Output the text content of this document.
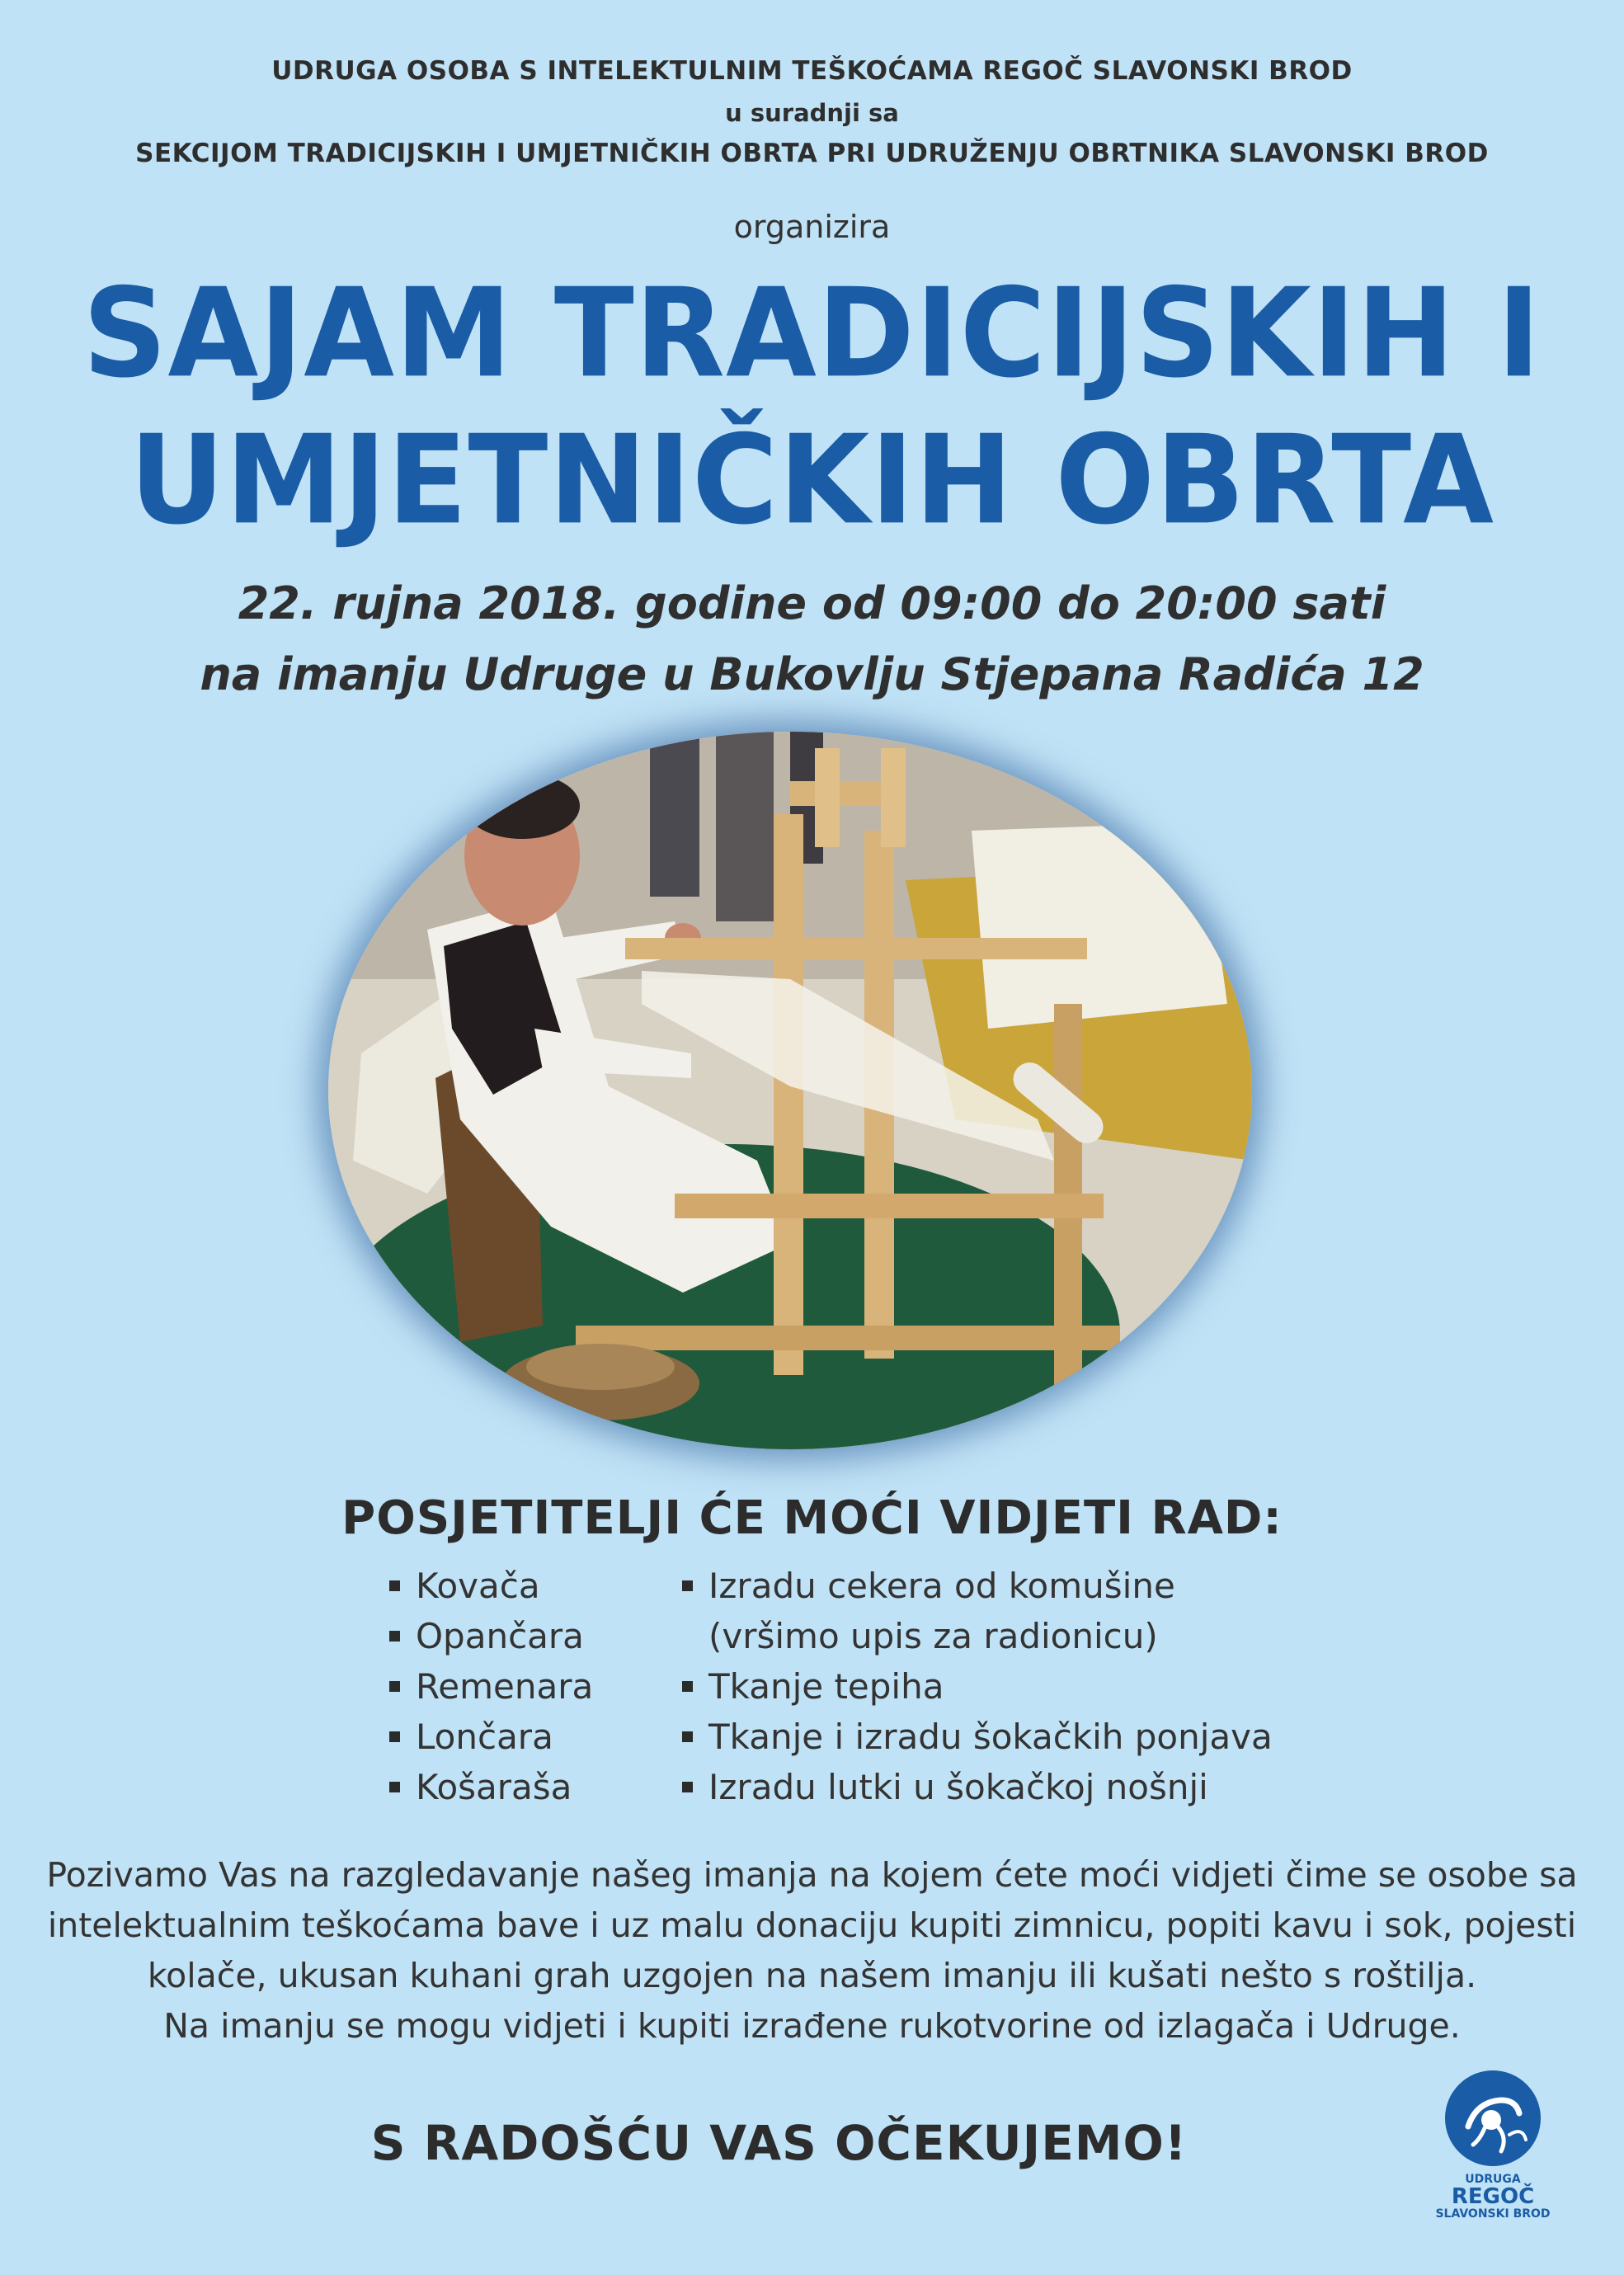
UDRUGA OSOBA S INTELEKTULNIM TEŠKOĆAMA REGOČ SLAVONSKI BROD
u suradnji sa
SEKCIJOM TRADICIJSKIH I UMJETNIČKIH OBRTA PRI UDRUŽENJU OBRTNIKA SLAVONSKI BROD
organizira
SAJAM TRADICIJSKIH I
UMJETNIČKIH OBRTA
22. rujna 2018. godine od 09:00 do 20:00 sati
na imanju Udruge u Bukovlju Stjepana Radića 12
POSJETITELJI ĆE MOĆI VIDJETI RAD:
Kovača
Opančara
Remenara
Lončara
Košaraša
Izradu cekera od komušine
(vršimo upis za radionicu)
Tkanje tepiha
Tkanje i izradu šokačkih ponjava
Izradu lutki u šokačkoj nošnji
Pozivamo Vas na razgledavanje našeg imanja na kojem ćete moći vidjeti čime se osobe sa
intelektualnim teškoćama bave i uz malu donaciju kupiti zimnicu, popiti kavu i sok, pojesti
kolače, ukusan kuhani grah uzgojen na našem imanju ili kušati nešto s roštilja.
Na imanju se mogu vidjeti i kupiti izrađene rukotvorine od izlagača i Udruge.
S RADOŠĆU VAS OČEKUJEMO!
UDRUGA
REGOČ
SLAVONSKI BROD
